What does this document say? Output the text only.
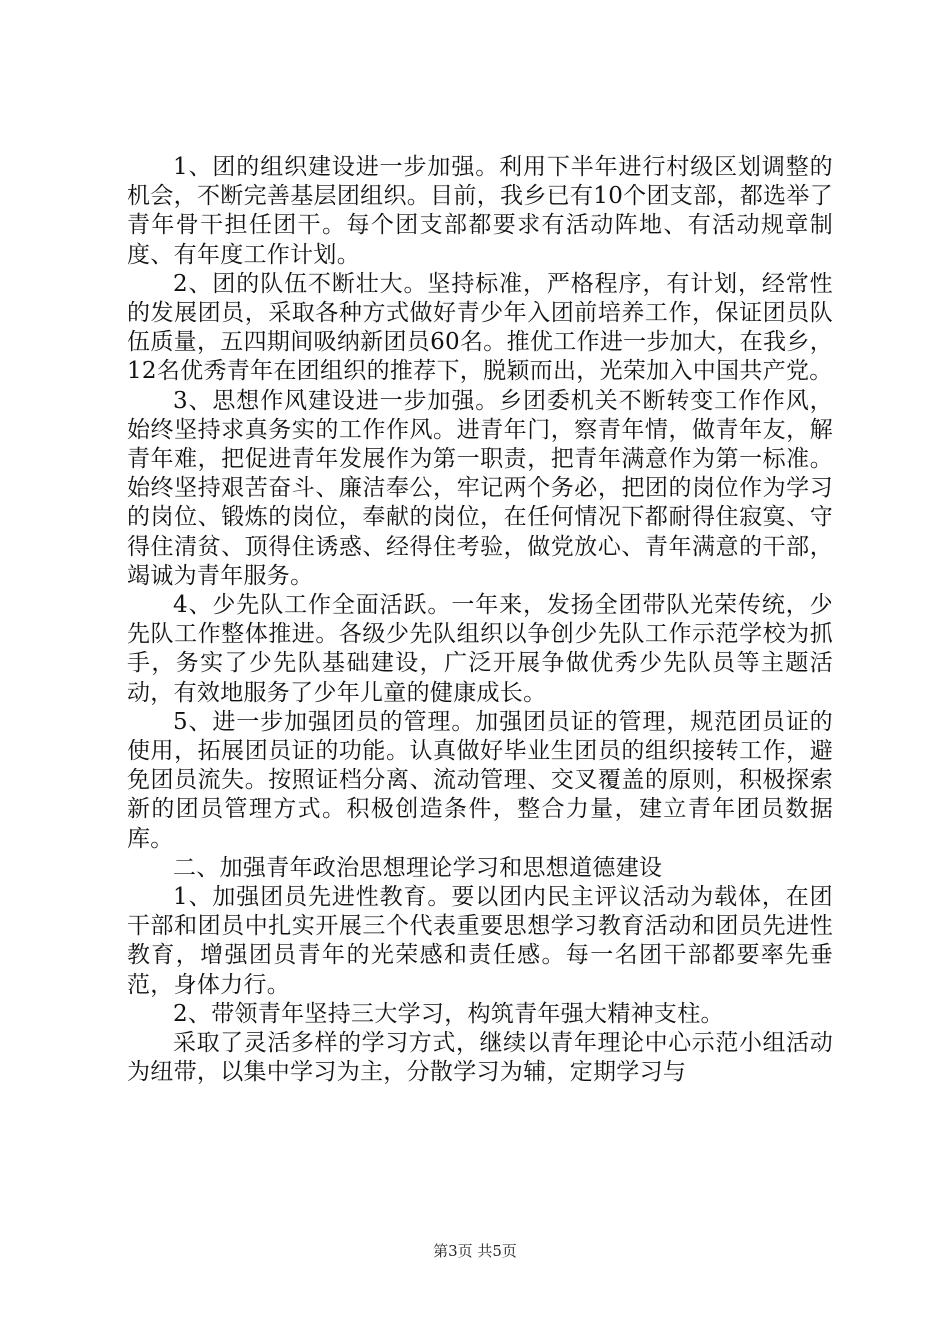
1、团的组织建设进一步加强。利用下半年进行村级区划调整的机会，不断完善基层团组织。目前，我乡已有10个团支部，都选举了青年骨干担任团干。每个团支部都要求有活动阵地、有活动规章制度、有年度工作计划。

2、团的队伍不断壮大。坚持标准，严格程序，有计划，经常性的发展团员，采取各种方式做好青少年入团前培养工作，保证团员队伍质量，五四期间吸纳新团员60名。推优工作进一步加大，在我乡，12名优秀青年在团组织的推荐下，脱颖而出，光荣加入中国共产党。

3、思想作风建设进一步加强。乡团委机关不断转变工作作风，始终坚持求真务实的工作作风。进青年门，察青年情，做青年友，解青年难，把促进青年发展作为第一职责，把青年满意作为第一标准。始终坚持艰苦奋斗、廉洁奉公，牢记两个务必，把团的岗位作为学习的岗位、锻炼的岗位，奉献的岗位，在任何情况下都耐得住寂寞、守得住清贫、顶得住诱惑、经得住考验，做党放心、青年满意的干部，竭诚为青年服务。

4、少先队工作全面活跃。一年来，发扬全团带队光荣传统，少先队工作整体推进。各级少先队组织以争创少先队工作示范学校为抓手，务实了少先队基础建设，广泛开展争做优秀少先队员等主题活动，有效地服务了少年儿童的健康成长。

5、进一步加强团员的管理。加强团员证的管理，规范团员证的使用，拓展团员证的功能。认真做好毕业生团员的组织接转工作，避免团员流失。按照证档分离、流动管理、交叉覆盖的原则，积极探索新的团员管理方式。积极创造条件，整合力量，建立青年团员数据库。

二、加强青年政治思想理论学习和思想道德建设

1、加强团员先进性教育。要以团内民主评议活动为载体，在团干部和团员中扎实开展三个代表重要思想学习教育活动和团员先进性教育，增强团员青年的光荣感和责任感。每一名团干部都要率先垂范，身体力行。

2、带领青年坚持三大学习，构筑青年强大精神支柱。

采取了灵活多样的学习方式，继续以青年理论中心示范小组活动为纽带，以集中学习为主，分散学习为辅，定期学习与

第3页 共5页
